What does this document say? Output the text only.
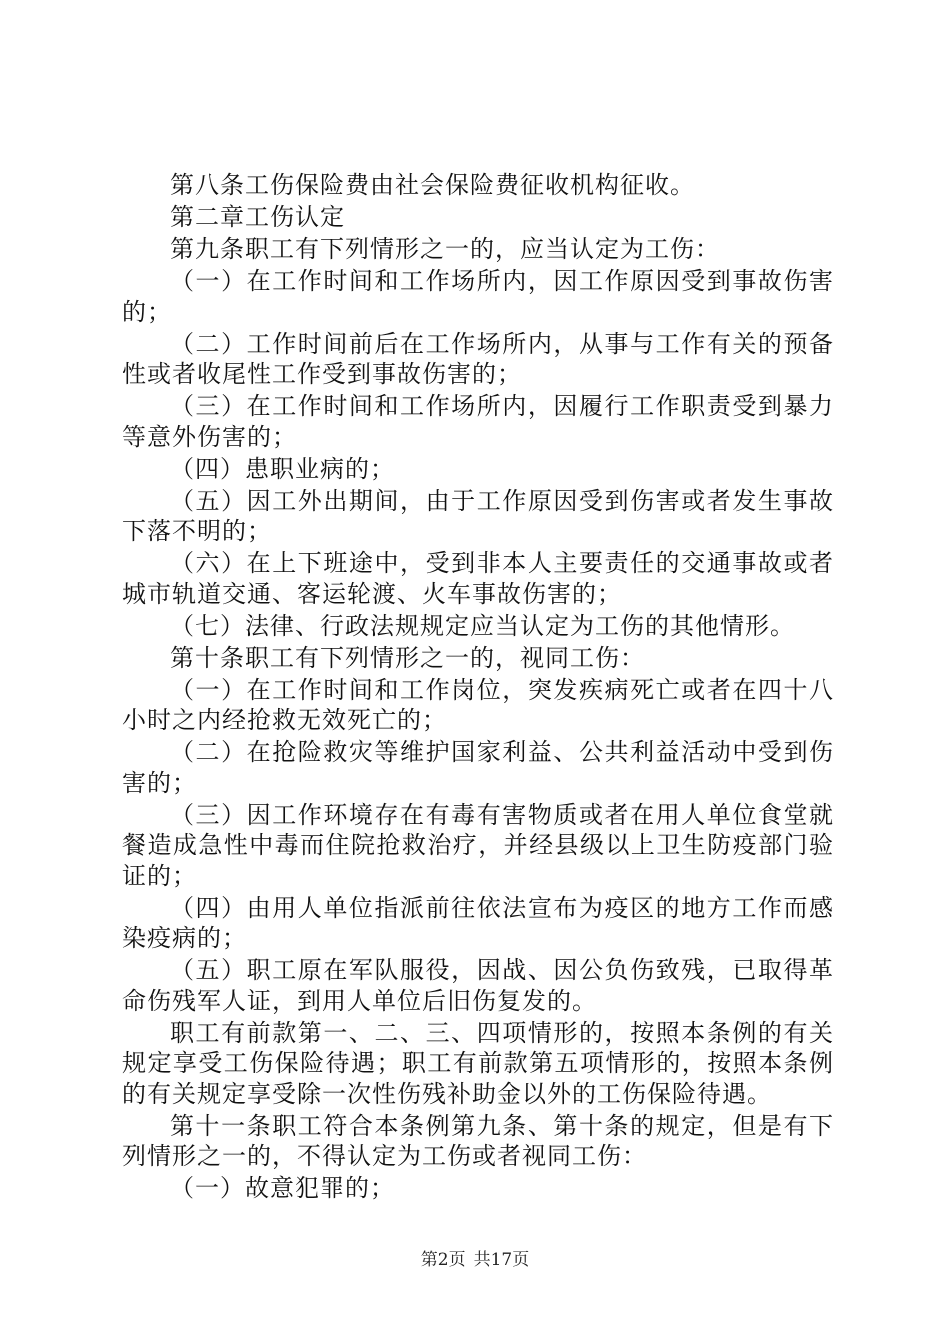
第八条工伤保险费由社会保险费征收机构征收。

第二章工伤认定

第九条职工有下列情形之一的，应当认定为工伤：

（一）在工作时间和工作场所内，因工作原因受到事故伤害的；

（二）工作时间前后在工作场所内，从事与工作有关的预备性或者收尾性工作受到事故伤害的；

（三）在工作时间和工作场所内，因履行工作职责受到暴力等意外伤害的；

（四）患职业病的；

（五）因工外出期间，由于工作原因受到伤害或者发生事故下落不明的；

（六）在上下班途中，受到非本人主要责任的交通事故或者城市轨道交通、客运轮渡、火车事故伤害的；

（七）法律、行政法规规定应当认定为工伤的其他情形。

第十条职工有下列情形之一的，视同工伤：

（一）在工作时间和工作岗位，突发疾病死亡或者在四十八小时之内经抢救无效死亡的；

（二）在抢险救灾等维护国家利益、公共利益活动中受到伤害的；

（三）因工作环境存在有毒有害物质或者在用人单位食堂就餐造成急性中毒而住院抢救治疗，并经县级以上卫生防疫部门验证的；

（四）由用人单位指派前往依法宣布为疫区的地方工作而感染疫病的；

（五）职工原在军队服役，因战、因公负伤致残，已取得革命伤残军人证，到用人单位后旧伤复发的。

职工有前款第一、二、三、四项情形的，按照本条例的有关规定享受工伤保险待遇；职工有前款第五项情形的，按照本条例的有关规定享受除一次性伤残补助金以外的工伤保险待遇。

第十一条职工符合本条例第九条、第十条的规定，但是有下列情形之一的，不得认定为工伤或者视同工伤：

（一）故意犯罪的；

第2页 共17页
